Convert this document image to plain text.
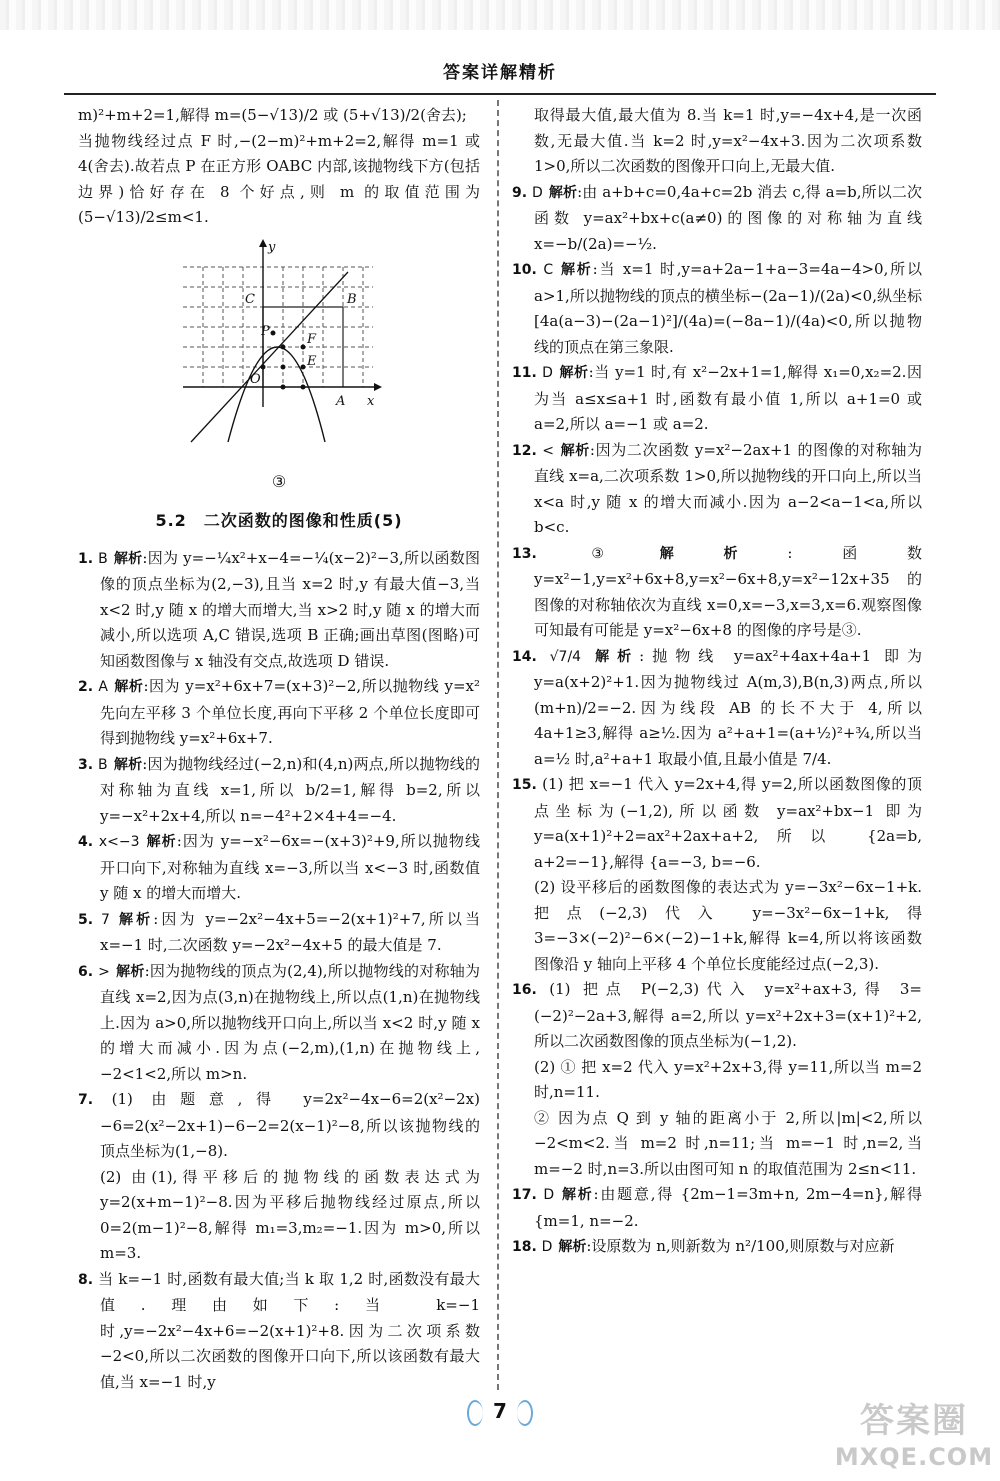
答案详解精析

m)²+m+2=1,解得 m=(5−√13)/2 或 (5+√13)/2(舍去);

当抛物线经过点 F 时,−(2−m)²+m+2=2,解得 m=1 或 4(舍去).故若点 P 在正方形 OABC 内部,该抛物线下方(包括边界)恰好存在 8 个好点,则 m 的取值范围为 (5−√13)/2≤m<1.

y
x
C	B
P
F
E
O
A
③
5.2　二次函数的图像和性质(5)

1. B 解析:因为 y=−¼x²+x−4=−¼(x−2)²−3,所以函数图像的顶点坐标为(2,−3),且当 x=2 时,y 有最大值−3,当 x<2 时,y 随 x 的增大而增大,当 x>2 时,y 随 x 的增大而减小,所以选项 A,C 错误,选项 B 正确;画出草图(图略)可知函数图像与 x 轴没有交点,故选项 D 错误.

2. A 解析:因为 y=x²+6x+7=(x+3)²−2,所以抛物线 y=x² 先向左平移 3 个单位长度,再向下平移 2 个单位长度即可得到抛物线 y=x²+6x+7.

3. B 解析:因为抛物线经过(−2,n)和(4,n)两点,所以抛物线的对称轴为直线 x=1,所以 b/2=1,解得 b=2,所以 y=−x²+2x+4,所以 n=−4²+2×4+4=−4.

4. x<−3 解析:因为 y=−x²−6x=−(x+3)²+9,所以抛物线开口向下,对称轴为直线 x=−3,所以当 x<−3 时,函数值 y 随 x 的增大而增大.

5. 7 解析:因为 y=−2x²−4x+5=−2(x+1)²+7,所以当 x=−1 时,二次函数 y=−2x²−4x+5 的最大值是 7.

6. > 解析:因为抛物线的顶点为(2,4),所以抛物线的对称轴为直线 x=2,因为点(3,n)在抛物线上,所以点(1,n)在抛物线上.因为 a>0,所以抛物线开口向上,所以当 x<2 时,y 随 x 的增大而减小.因为点(−2,m),(1,n)在抛物线上,−2<1<2,所以 m>n.

7. (1) 由题意,得 y=2x²−4x−6=2(x²−2x)−6=2(x²−2x+1)−6−2=2(x−1)²−8,所以该抛物线的顶点坐标为(1,−8).

(2) 由(1),得平移后的抛物线的函数表达式为 y=2(x+m−1)²−8.因为平移后抛物线经过原点,所以 0=2(m−1)²−8,解得 m₁=3,m₂=−1.因为 m>0,所以 m=3.

8. 当 k=−1 时,函数有最大值;当 k 取 1,2 时,函数没有最大值.理由如下:当 k=−1 时,y=−2x²−4x+6=−2(x+1)²+8.因为二次项系数−2<0,所以二次函数的图像开口向下,所以该函数有最大值,当 x=−1 时,y

取得最大值,最大值为 8.当 k=1 时,y=−4x+4,是一次函数,无最大值.当 k=2 时,y=x²−4x+3.因为二次项系数 1>0,所以二次函数的图像开口向上,无最大值.

9. D 解析:由 a+b+c=0,4a+c=2b 消去 c,得 a=b,所以二次函数 y=ax²+bx+c(a≠0)的图像的对称轴为直线 x=−b/(2a)=−½.

10. C 解析:当 x=1 时,y=a+2a−1+a−3=4a−4>0,所以 a>1,所以抛物线的顶点的横坐标−(2a−1)/(2a)<0,纵坐标 [4a(a−3)−(2a−1)²]/(4a)=(−8a−1)/(4a)<0,所以抛物线的顶点在第三象限.

11. D 解析:当 y=1 时,有 x²−2x+1=1,解得 x₁=0,x₂=2.因为当 a≤x≤a+1 时,函数有最小值 1,所以 a+1=0 或 a=2,所以 a=−1 或 a=2.

12. < 解析:因为二次函数 y=x²−2ax+1 的图像的对称轴为直线 x=a,二次项系数 1>0,所以抛物线的开口向上,所以当 x<a 时,y 随 x 的增大而减小.因为 a−2<a−1<a,所以 b<c.

13.	③ 解析:函数 y=x²−1,y=x²+6x+8,y=x²−6x+8,y=x²−12x+35 的图像的对称轴依次为直线 x=0,x=−3,x=3,x=6.观察图像可知最有可能是 y=x²−6x+8 的图像的序号是③.

14. √7/4 解析:抛物线 y=ax²+4ax+4a+1 即为 y=a(x+2)²+1.因为抛物线过 A(m,3),B(n,3)两点,所以 (m+n)/2=−2.因为线段 AB 的长不大于 4,所以 4a+1≥3,解得 a≥½.因为 a²+a+1=(a+½)²+¾,所以当 a=½ 时,a²+a+1 取最小值,且最小值是 7/4.

15. (1) 把 x=−1 代入 y=2x+4,得 y=2,所以函数图像的顶点坐标为(−1,2),所以函数 y=ax²+bx−1 即为 y=a(x+1)²+2=ax²+2ax+a+2,所以 {2a=b, a+2=−1},解得 {a=−3, b=−6.

(2) 设平移后的函数图像的表达式为 y=−3x²−6x−1+k.把点(−2,3)代入 y=−3x²−6x−1+k,得 3=−3×(−2)²−6×(−2)−1+k,解得 k=4,所以将该函数图像沿 y 轴向上平移 4 个单位长度能经过点(−2,3).

16. (1) 把点 P(−2,3)代入 y=x²+ax+3,得 3=(−2)²−2a+3,解得 a=2,所以 y=x²+2x+3=(x+1)²+2,所以二次函数图像的顶点坐标为(−1,2).

(2) ① 把 x=2 代入 y=x²+2x+3,得 y=11,所以当 m=2 时,n=11.

② 因为点 Q 到 y 轴的距离小于 2,所以|m|<2,所以−2<m<2.当 m=2 时,n=11;当 m=−1 时,n=2,当 m=−2 时,n=3.所以由图可知 n 的取值范围为 2≤n<11.

17. D 解析:由题意,得 {2m−1=3m+n, 2m−4=n},解得 {m=1, n=−2.

18. D 解析:设原数为 n,则新数为 n²/100,则原数与对应新

7	答案圈
MXQE.COM
